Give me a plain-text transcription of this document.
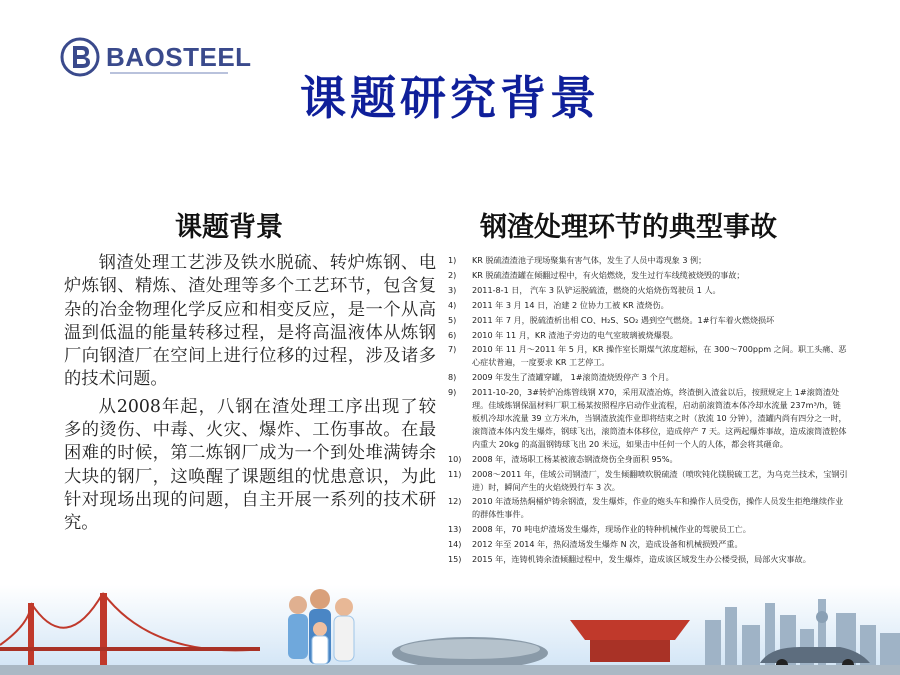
BAOSTEEL
课题研究背景
课题背景	钢渣处理环节的典型事故

钢渣处理工艺涉及铁水脱硫、转炉炼钢、电炉炼钢、精炼、渣处理等多个工艺环节，包含复杂的冶金物理化学反应和相变反应，是一个从高温到低温的能量转移过程，是将高温液体从炼钢厂向钢渣厂在空间上进行位移的过程，涉及诸多的技术问题。

从2008年起，八钢在渣处理工序出现了较多的烫伤、中毒、火灾、爆炸、工伤事故。在最困难的时候，第二炼钢厂成为一个到处堆满铸余大块的钢厂，这唤醒了课题组的忧患意识，为此针对现场出现的问题，自主开展一系列的技术研究。

1)	KR 脱硫渣渣池子现场聚集有害气体，发生了人员中毒现象 3 例；
2)	KR 脱硫渣渣罐在倾翻过程中，有火焰燃烧，发生过行车线缆被烧毁的事故；
3)	2011-8-1 日， 汽车 3 队铲运脱硫渣，燃烧的火焰烧伤驾驶员 1 人。
4)	2011 年 3 月 14 日，冶建 2 位协力工被 KR 渣烧伤。
5)	2011 年 7 月，脱硫渣析出相 CO、H₂S、SO₂ 遇到空气燃烧。1#行车着火燃烧损坏
6)	2010 年 11 月，KR 渣池子旁边的电气室玻璃被烧爆裂。
7)	2010 年 11 月～2011 年 5 月，KR 操作室长期煤气浓度超标，在 300～700ppm 之间。职工头痛、恶心症状普遍，一度要求 KR 工艺停工。
8)	2009 年发生了渣罐穿罐， 1#滚筒渣烧毁停产 3 个月。
9)	2011-10-20，3#转炉冶炼管线钢 X70，采用双渣冶炼，终渣倒入渣盆以后，按照规定上 1#滚筒渣处理。佳域炼钢保温材料厂职工杨某按照程序启动作业流程，启动前滚筒渣本体冷却水流量 237m³/h，链板机冷却水流量 39 立方米/h，当钢渣放流作业即将结束之时（放流 10 分钟），渣罐内尚有四分之一时，滚筒渣本体内发生爆炸，钢球飞出，滚筒渣本体移位，造成停产 7 天。这两起爆炸事故，造成滚筒渣腔体内重大 20kg 的高温钢铸球飞出 20 米远，如果击中任何一个人的人体，都会将其砸命。
10)	2008 年，渣场职工杨某被液态钢渣烧伤全身面积 95%。
11)	2008～2011 年，佳域公司钢渣厂，发生倾翻喷吹脱硫渣（喷吹钝化镁脱硫工艺，为乌克兰技术，宝钢引进）时，瞬间产生的火焰烧毁行车 3 次。
12)	2010 年渣场热焖桶炉铸余钢渣，发生爆炸，作业的炮头车和操作人员受伤，操作人员发生拒绝继续作业的群体性事件。
13)	2008 年，70 吨电炉渣场发生爆炸，现场作业的特种机械作业的驾驶员工亡。
14)	2012 年至 2014 年，热闷渣场发生爆炸 N 次，造成设备和机械损毁严重。
15)	2015 年，连铸机铸余渣倾翻过程中，发生爆炸，造成该区域发生办公楼受损，局部火灾事故。
